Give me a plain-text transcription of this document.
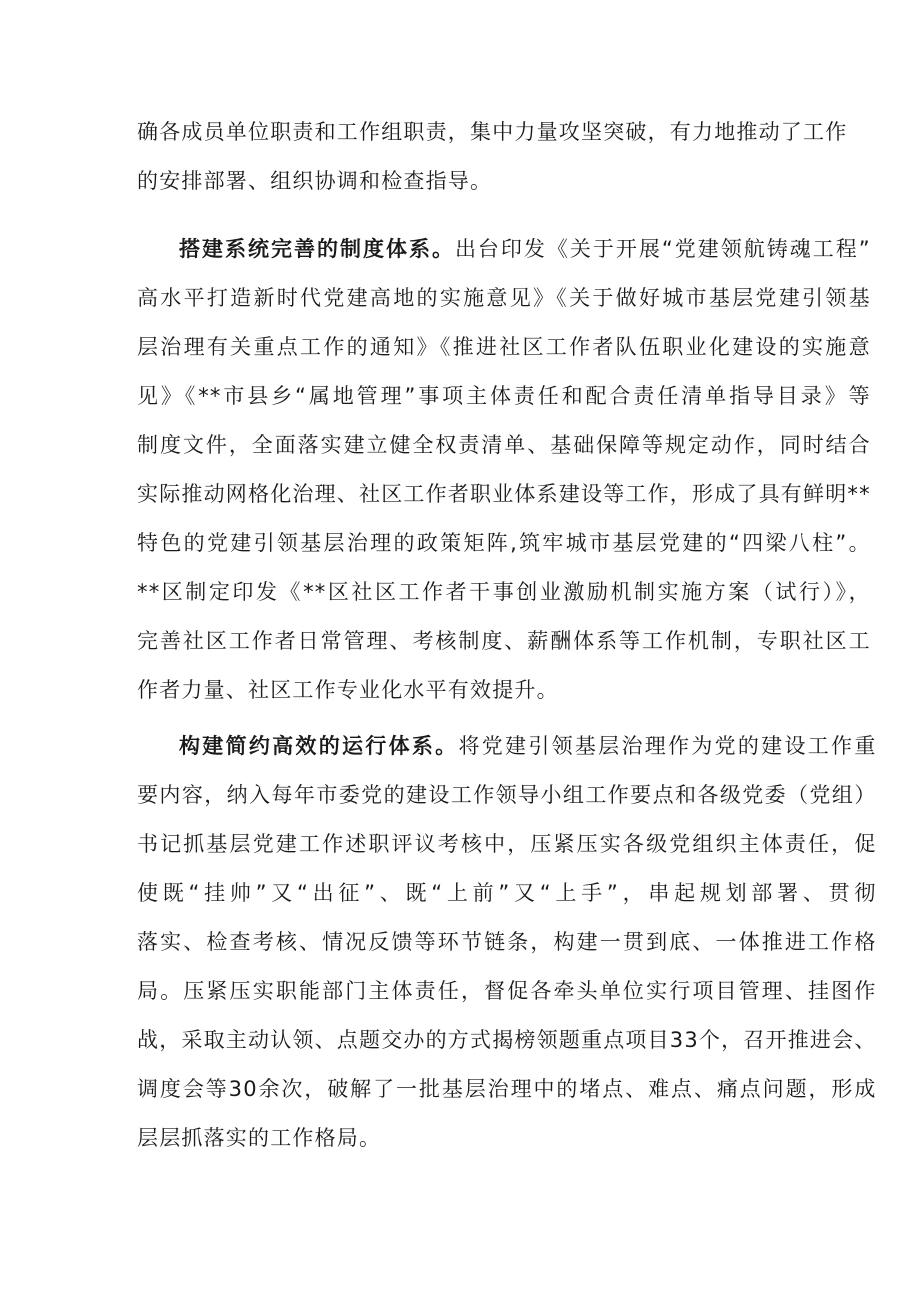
确各成员单位职责和工作组职责，集中力量攻坚突破，有力地推动了工作
的安排部署、组织协调和检查指导。
搭建系统完善的制度体系。出台印发《关于开展“党建领航铸魂工程”
高水平打造新时代党建高地的实施意见》《关于做好城市基层党建引领基
层治理有关重点工作的通知》《推进社区工作者队伍职业化建设的实施意
见》《**市县乡“属地管理”事项主体责任和配合责任清单指导目录》等
制度文件，全面落实建立健全权责清单、基础保障等规定动作，同时结合
实际推动网格化治理、社区工作者职业体系建设等工作，形成了具有鲜明**
特色的党建引领基层治理的政策矩阵,筑牢城市基层党建的“四梁八柱”。
**区制定印发《**区社区工作者干事创业激励机制实施方案（试行）》，
完善社区工作者日常管理、考核制度、薪酬体系等工作机制，专职社区工
作者力量、社区工作专业化水平有效提升。
构建简约高效的运行体系。将党建引领基层治理作为党的建设工作重
要内容，纳入每年市委党的建设工作领导小组工作要点和各级党委（党组）
书记抓基层党建工作述职评议考核中，压紧压实各级党组织主体责任，促
使既“挂帅”又“出征”、既“上前”又“上手”，串起规划部署、贯彻
落实、检查考核、情况反馈等环节链条，构建一贯到底、一体推进工作格
局。压紧压实职能部门主体责任，督促各牵头单位实行项目管理、挂图作
战，采取主动认领、点题交办的方式揭榜领题重点项目33个，召开推进会、
调度会等30余次，破解了一批基层治理中的堵点、难点、痛点问题，形成
层层抓落实的工作格局。
